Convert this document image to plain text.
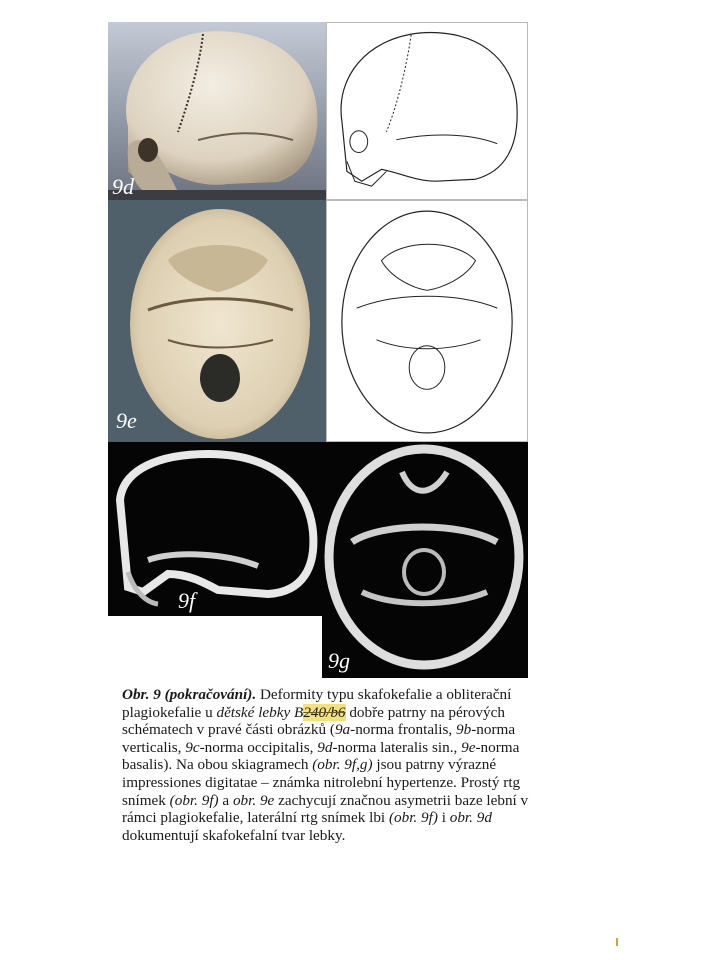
9d
9e
9f
9g
Obr. 9 (pokračování). Deformity typu skafokefalie a obliterační plagiokefalie u dětské lebky B240/b6 dobře patrny na pérových schématech v pravé části obrázků (9a-norma frontalis, 9b-norma verticalis, 9c-norma occipitalis, 9d-norma lateralis sin., 9e-norma basalis). Na obou skiagramech (obr. 9f,g) jsou patrny výrazné impressiones digitatae – známka nitrolební hypertenze. Prostý rtg snímek (obr. 9f) a obr. 9e zachycují značnou asymetrii baze lební v rámci plagiokefalie, laterální rtg snímek lbi (obr. 9f) i obr. 9d dokumentují skafokefalní tvar lebky.
